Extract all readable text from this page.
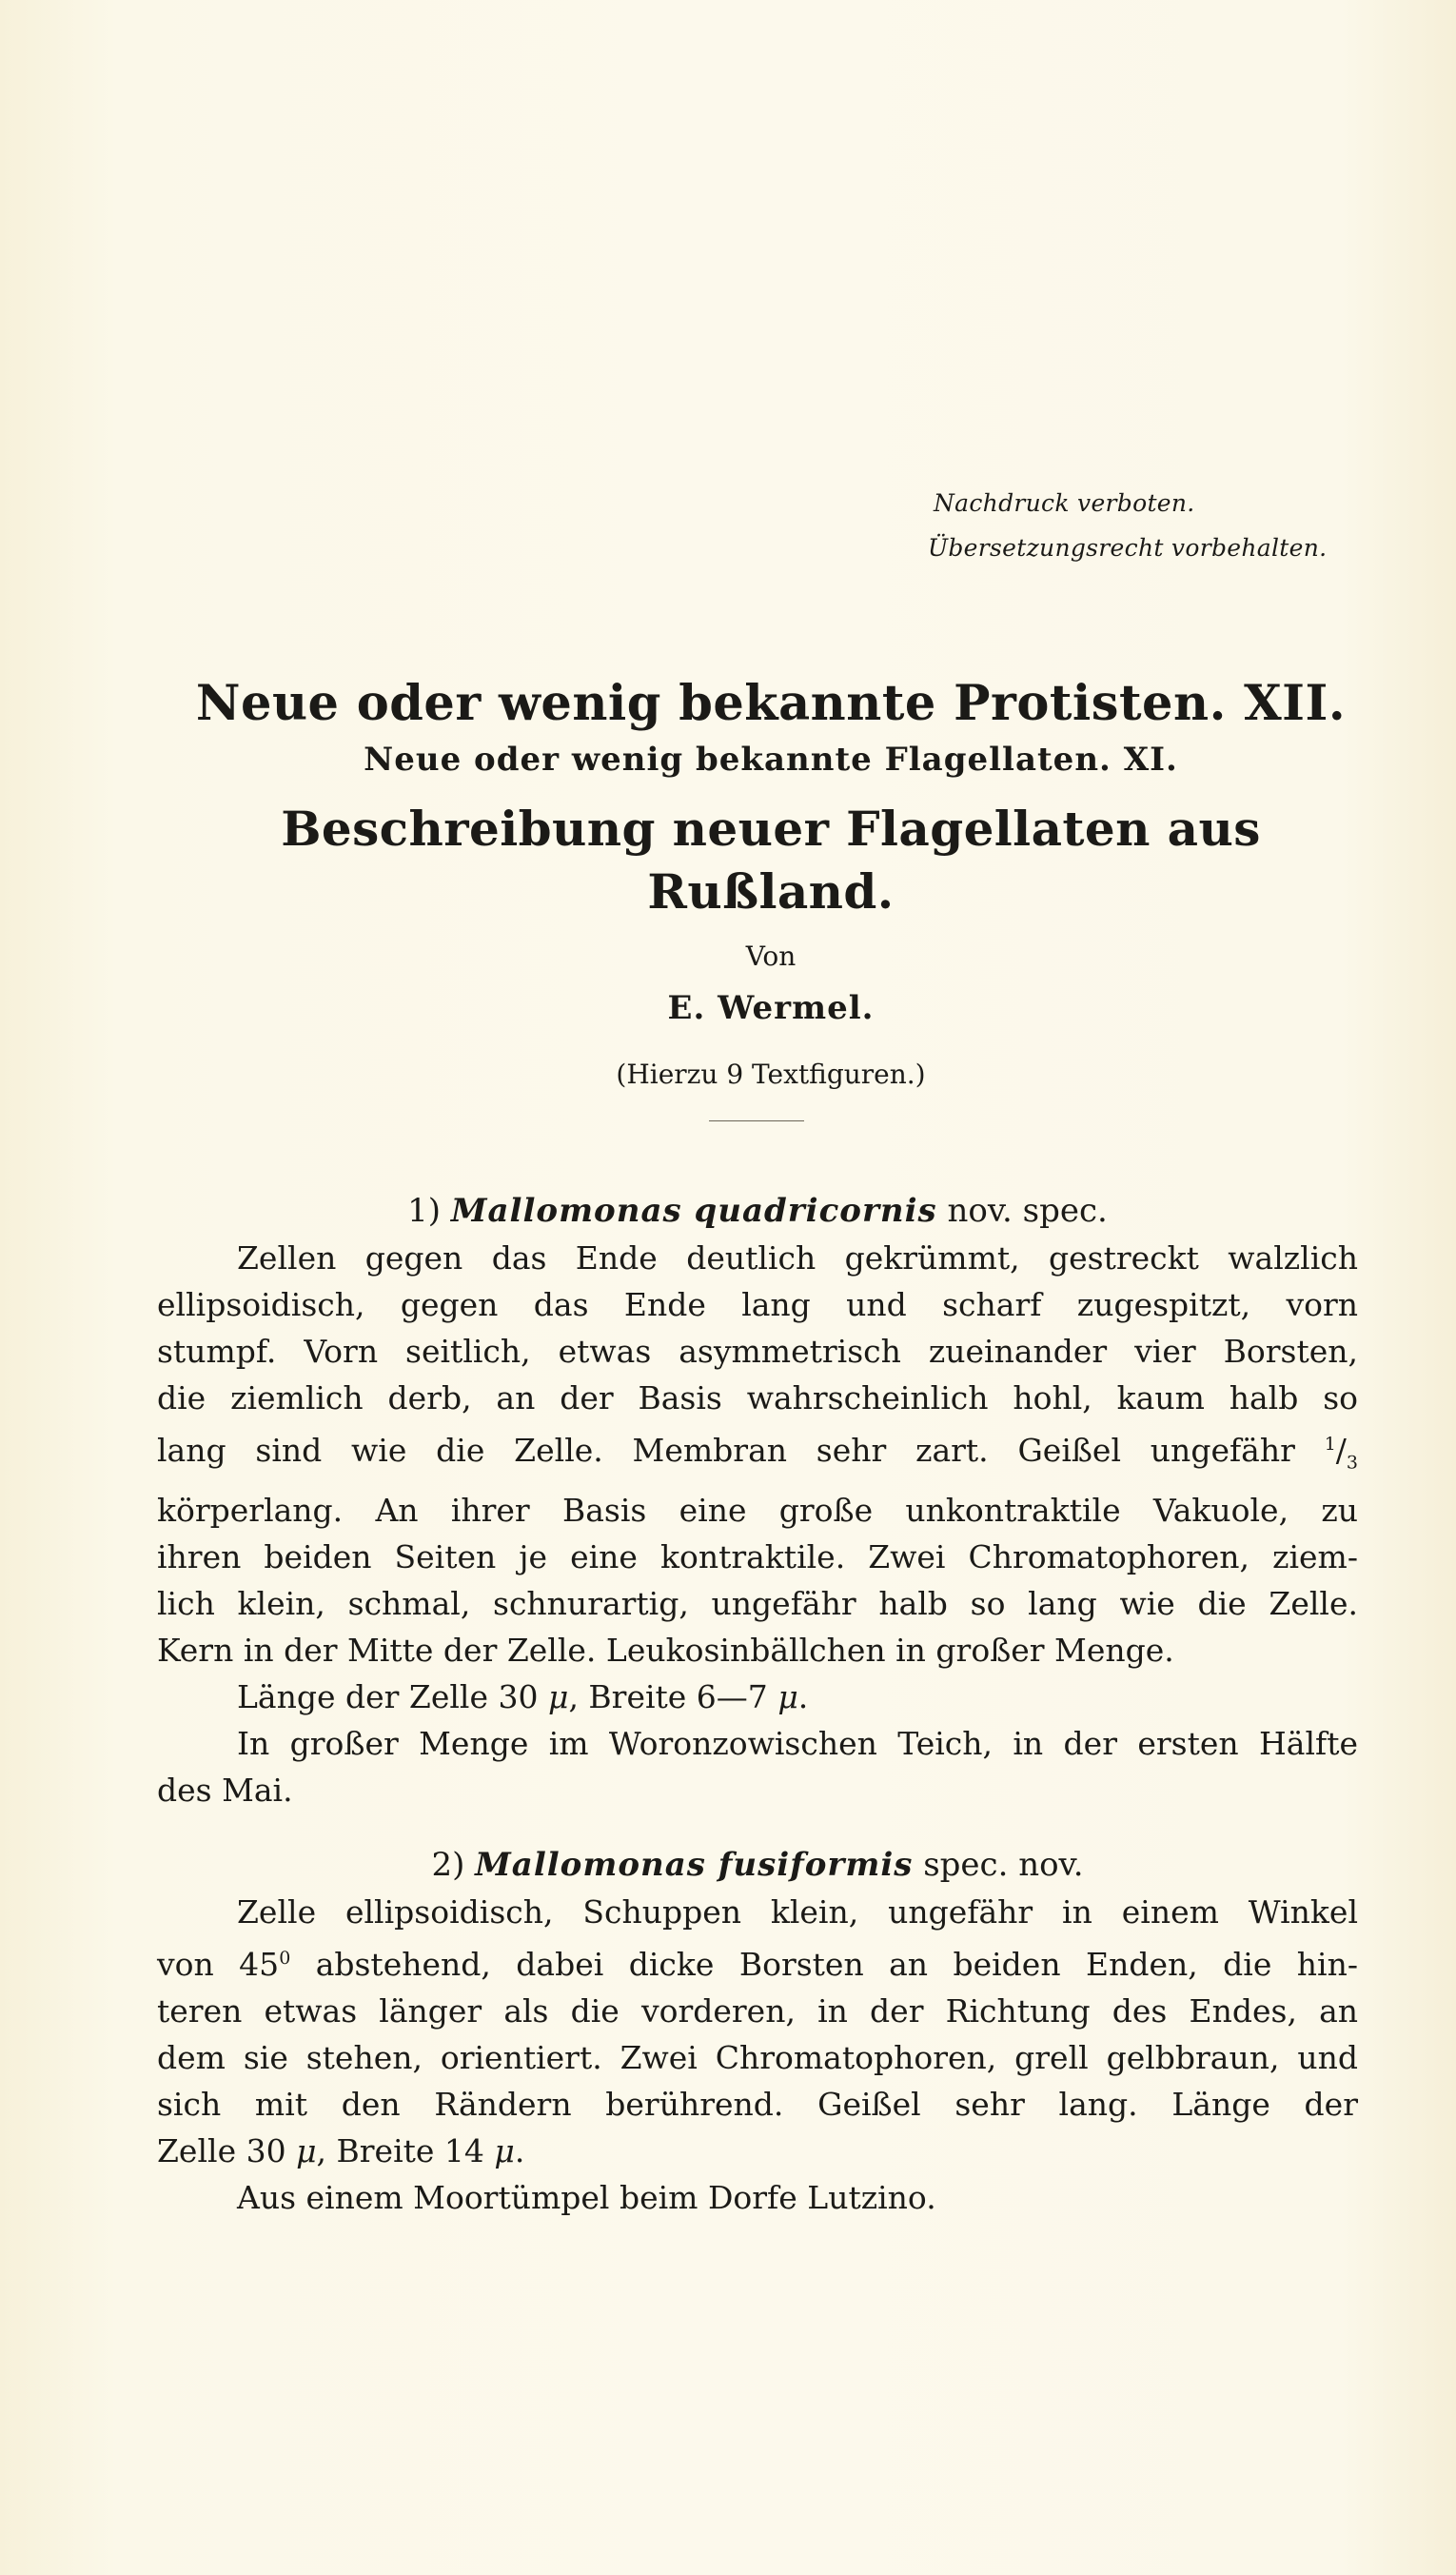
Nachdruck verboten.
Übersetzungsrecht vorbehalten.

Neue oder wenig bekannte Protisten. XII.

Neue oder wenig bekannte Flagellaten. XI.

Beschreibung neuer Flagellaten aus Rußland.

Von

E. Wermel.

(Hierzu 9 Textfiguren.)

1) Mallomonas quadricornis nov. spec.

Zellen gegen das Ende deutlich gekrümmt, gestreckt walzlich
ellipsoidisch, gegen das Ende lang und scharf zugespitzt, vorn
stumpf. Vorn seitlich, etwas asymmetrisch zueinander vier Borsten,
die ziemlich derb, an der Basis wahrscheinlich hohl, kaum halb so
lang sind wie die Zelle. Membran sehr zart. Geißel ungefähr $^1/_3$
körperlang. An ihrer Basis eine große unkontraktile Vakuole, zu
ihren beiden Seiten je eine kontraktile. Zwei Chromatophoren, ziem-
lich klein, schmal, schnurartig, ungefähr halb so lang wie die Zelle.
Kern in der Mitte der Zelle. Leukosinbällchen in großer Menge.
Länge der Zelle 30 μ, Breite 6—7 μ.
In großer Menge im Woronzowischen Teich, in der ersten Hälfte
des Mai.

2) Mallomonas fusiformis spec. nov.

Zelle ellipsoidisch, Schuppen klein, ungefähr in einem Winkel
von $45^0$ abstehend, dabei dicke Borsten an beiden Enden, die hin-
teren etwas länger als die vorderen, in der Richtung des Endes, an
dem sie stehen, orientiert. Zwei Chromatophoren, grell gelbbraun, und
sich mit den Rändern berührend. Geißel sehr lang. Länge der
Zelle 30 μ, Breite 14 μ.
Aus einem Moortümpel beim Dorfe Lutzino.
